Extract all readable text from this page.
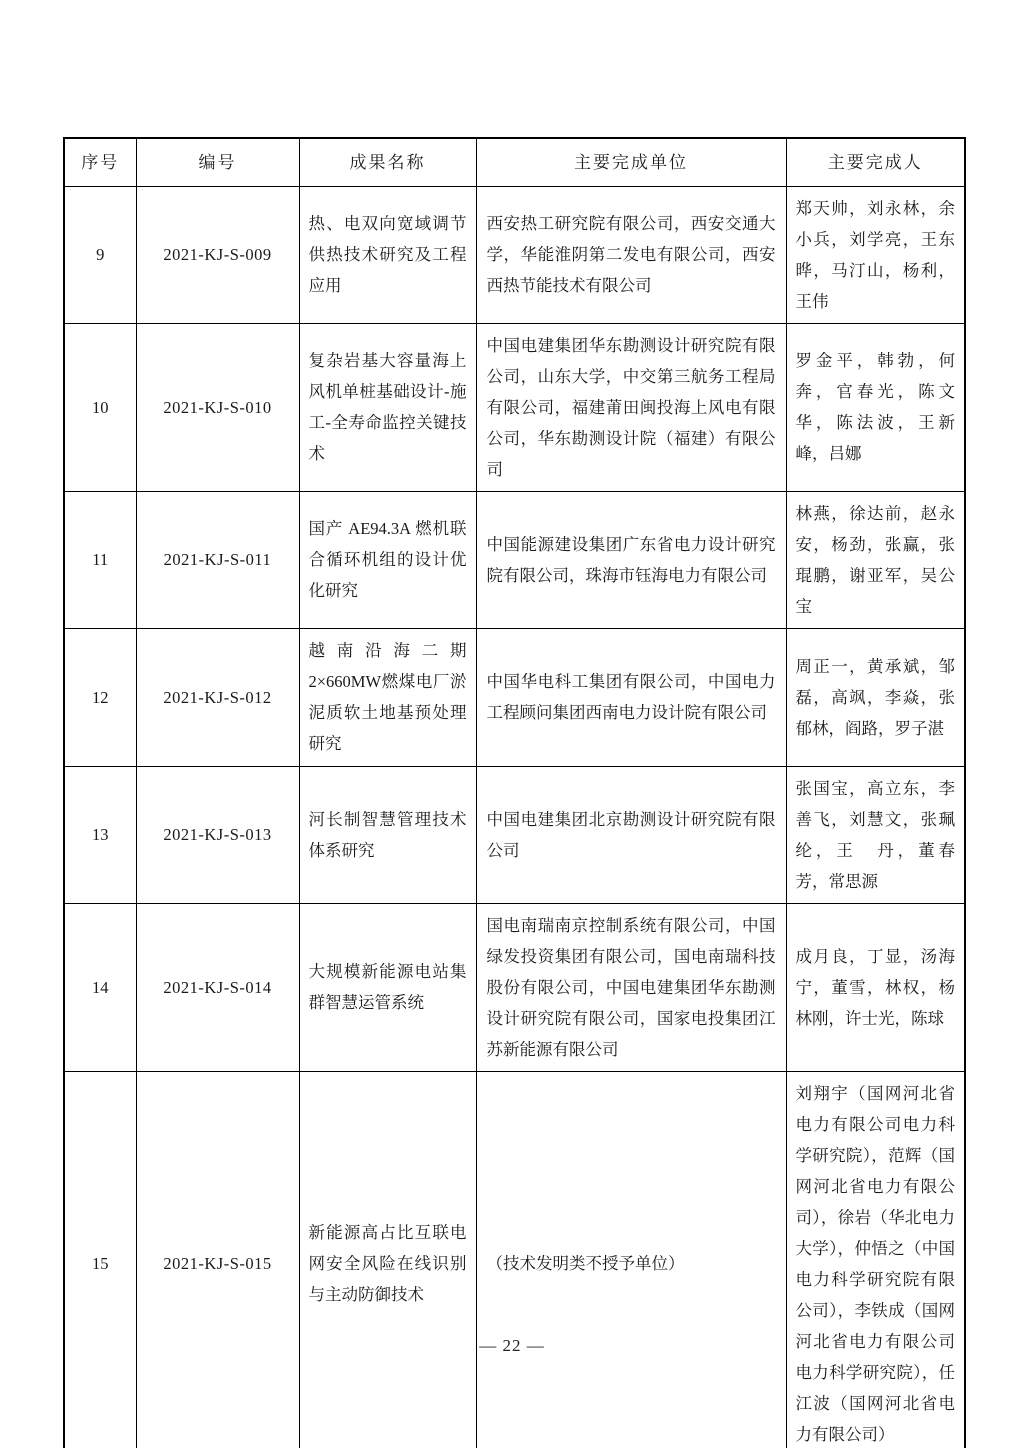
序号	编号	成果名称	主要完成单位	主要完成人
9	2021-KJ-S-009	热、电双向宽域调节供热技术研究及工程应用	西安热工研究院有限公司，西安交通大学，华能淮阴第二发电有限公司，西安西热节能技术有限公司	郑天帅，刘永林，余小兵，刘学亮，王东晔，马汀山，杨利，王伟
10	2021-KJ-S-010	复杂岩基大容量海上风机单桩基础设计-施工-全寿命监控关键技术	中国电建集团华东勘测设计研究院有限公司，山东大学，中交第三航务工程局有限公司，福建莆田闽投海上风电有限公司，华东勘测设计院（福建）有限公司	罗金平，韩勃，何奔，官春光，陈文华，陈法波，王新峰，吕娜
11	2021-KJ-S-011	国产 AE94.3A 燃机联合循环机组的设计优化研究	中国能源建设集团广东省电力设计研究院有限公司，珠海市钰海电力有限公司	林燕，徐达前，赵永安，杨劲，张赢，张琨鹏，谢亚军，吴公宝
12	2021-KJ-S-012	越南沿海二期 2×660MW燃煤电厂淤泥质软土地基预处理研究	中国华电科工集团有限公司，中国电力工程顾问集团西南电力设计院有限公司	周正一，黄承斌，邹磊，高飒，李焱，张郁林，阎路，罗子湛
13	2021-KJ-S-013	河长制智慧管理技术体系研究	中国电建集团北京勘测设计研究院有限公司	张国宝，高立东，李善飞，刘慧文，张珮纶，王　丹，董春芳，常思源
14	2021-KJ-S-014	大规模新能源电站集群智慧运管系统	国电南瑞南京控制系统有限公司，中国绿发投资集团有限公司，国电南瑞科技股份有限公司，中国电建集团华东勘测设计研究院有限公司，国家电投集团江苏新能源有限公司	成月良，丁显，汤海宁，董雪，林权，杨林刚，许士光，陈球
15	2021-KJ-S-015	新能源高占比互联电网安全风险在线识别与主动防御技术	（技术发明类不授予单位）	刘翔宇（国网河北省电力有限公司电力科学研究院），范辉（国网河北省电力有限公司），徐岩（华北电力大学），仲悟之（中国电力科学研究院有限公司），李铁成（国网河北省电力有限公司电力科学研究院），任江波（国网河北省电力有限公司）
— 22 —
